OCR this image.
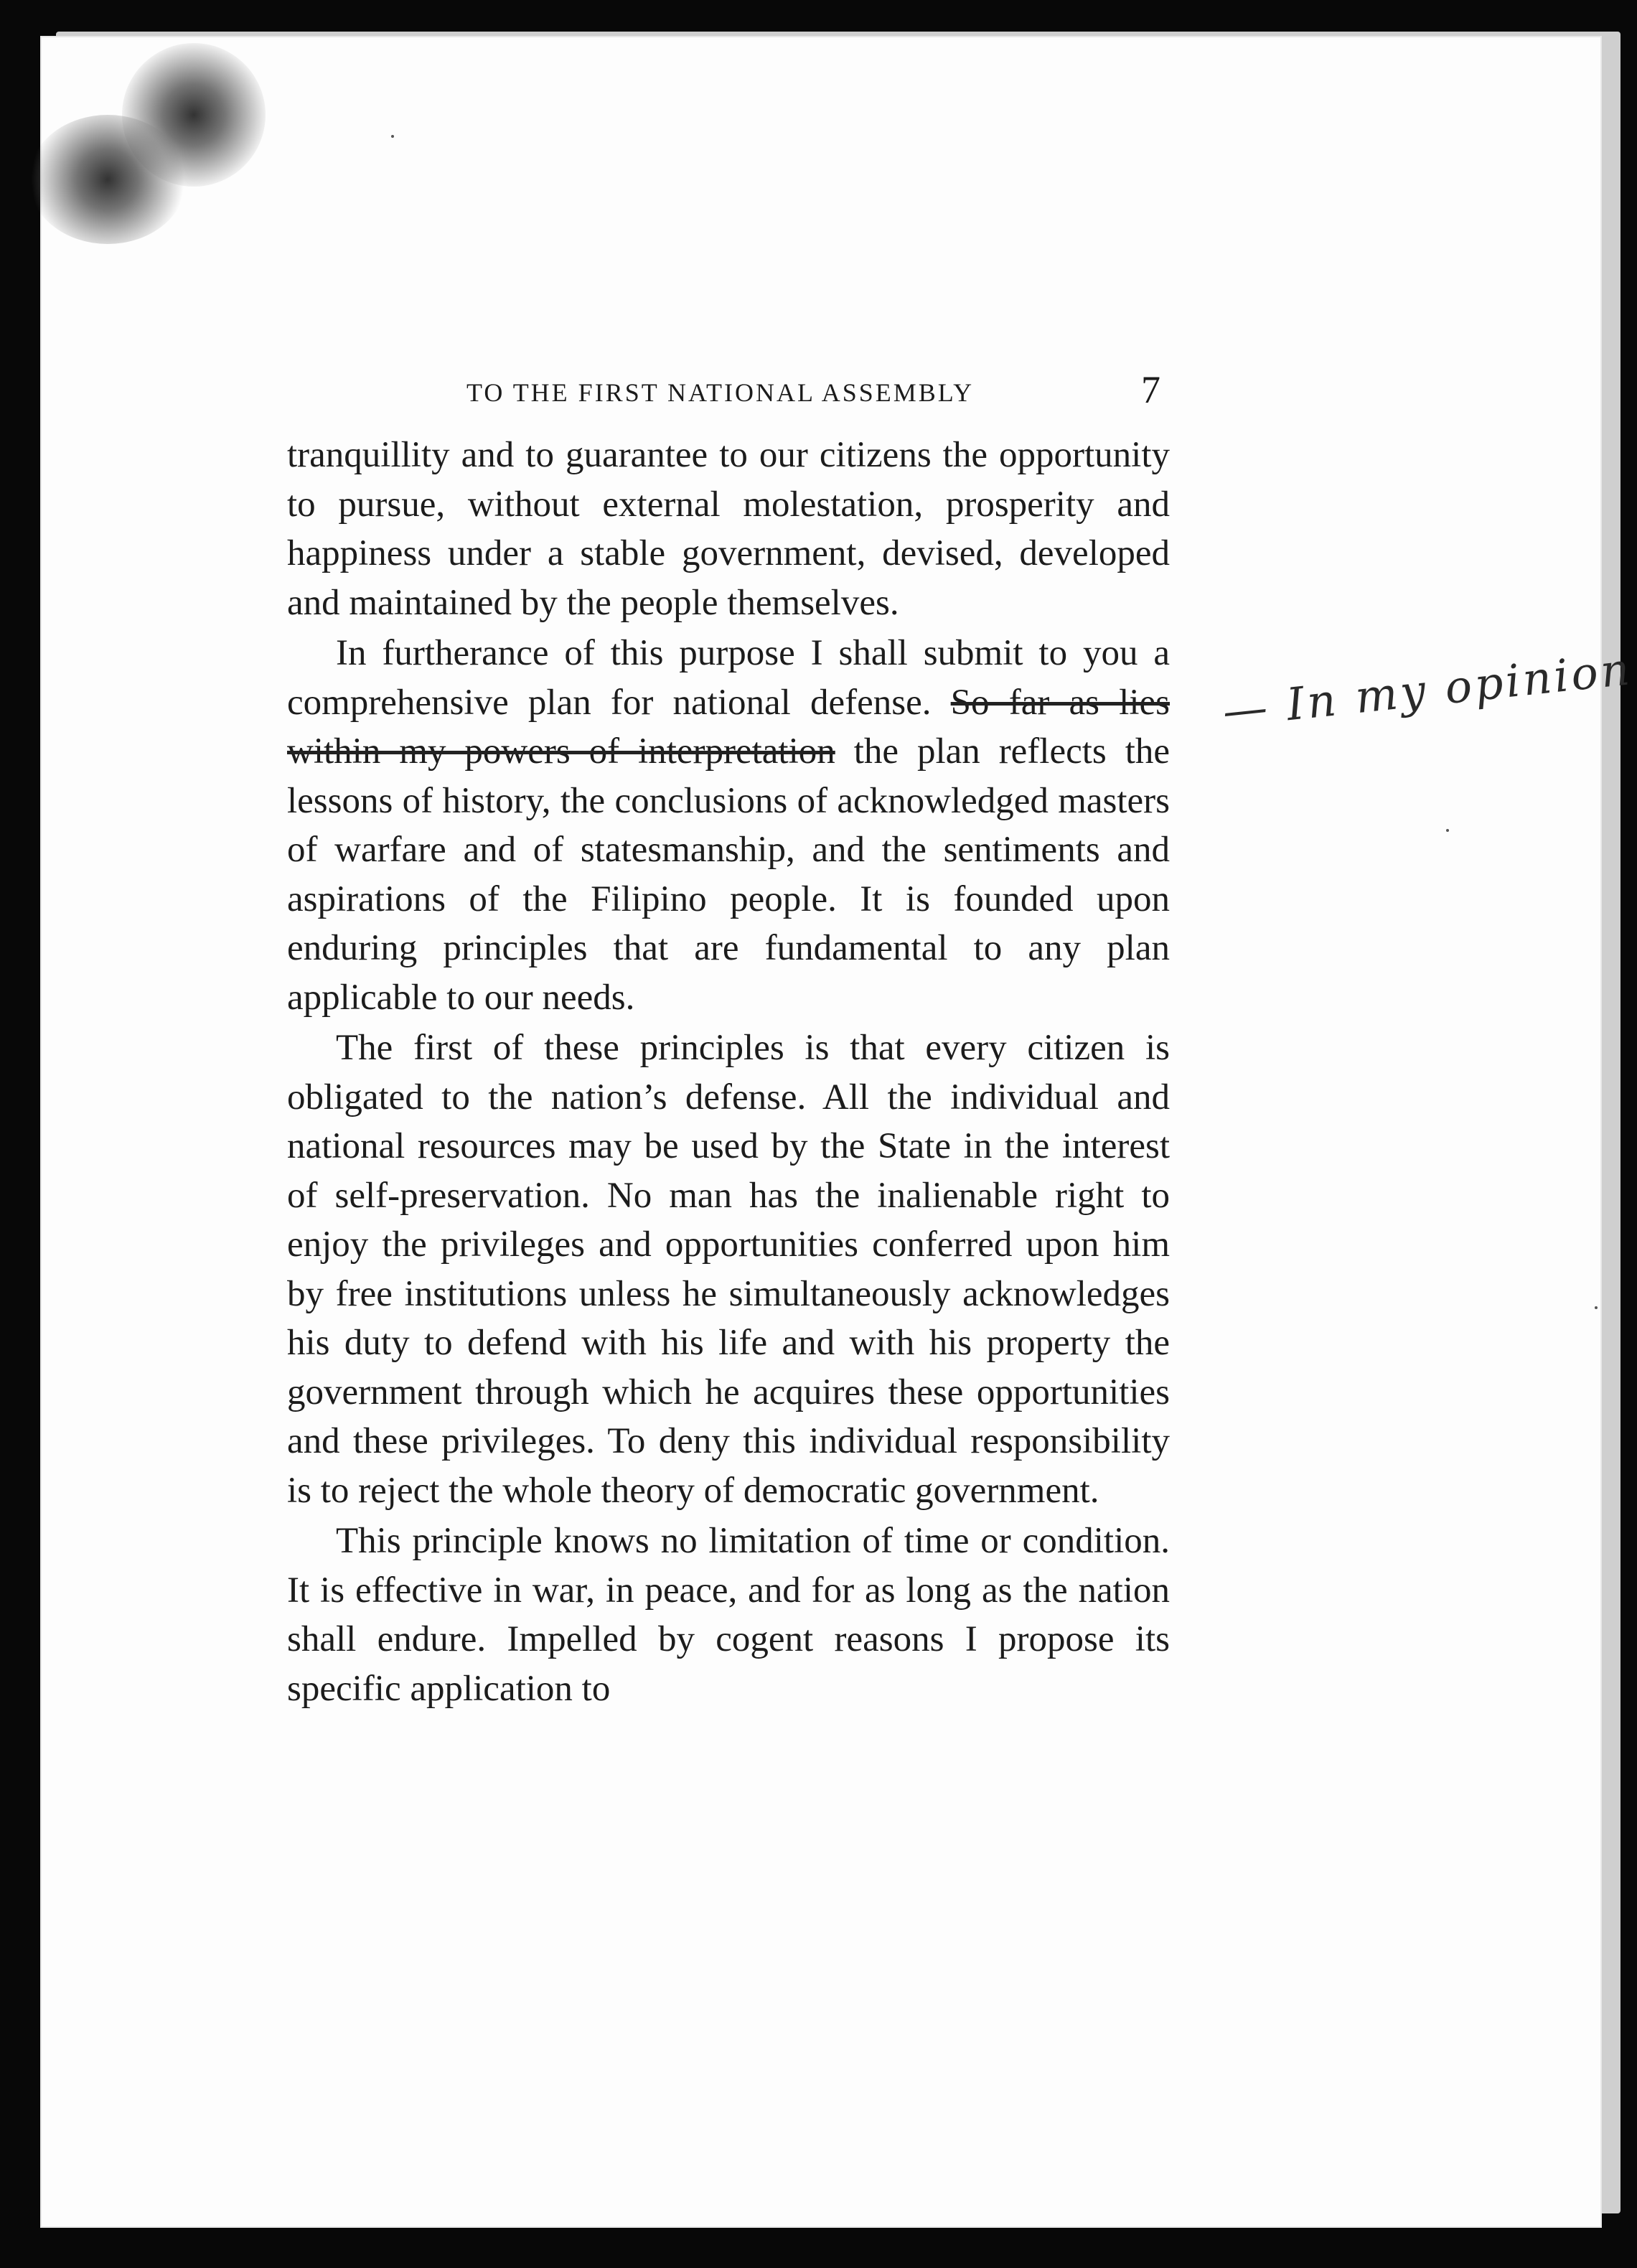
TO THE FIRST NATIONAL ASSEMBLY	7

tranquillity and to guarantee to our citizens the opportunity to pursue, without external molestation, prosperity and happiness under a stable government, devised, developed and maintained by the people themselves.

In furtherance of this purpose I shall submit to you a comprehensive plan for national defense. So far as lies within my powers of interpretation the plan reflects the lessons of history, the conclusions of acknowledged masters of warfare and of statesmanship, and the sentiments and aspirations of the Filipino people. It is founded upon enduring principles that are fundamental to any plan applicable to our needs.

The first of these principles is that every citizen is obligated to the nation’s defense. All the individual and national resources may be used by the State in the interest of self-preservation. No man has the inalienable right to enjoy the privileges and opportunities conferred upon him by free institutions unless he simultaneously acknowledges his duty to defend with his life and with his property the government through which he acquires these opportunities and these privileges. To deny this individual responsibility is to reject the whole theory of democratic government.

This principle knows no limitation of time or condition. It is effective in war, in peace, and for as long as the nation shall endure. Impelled by cogent reasons I propose its specific application to

— In my opinion
